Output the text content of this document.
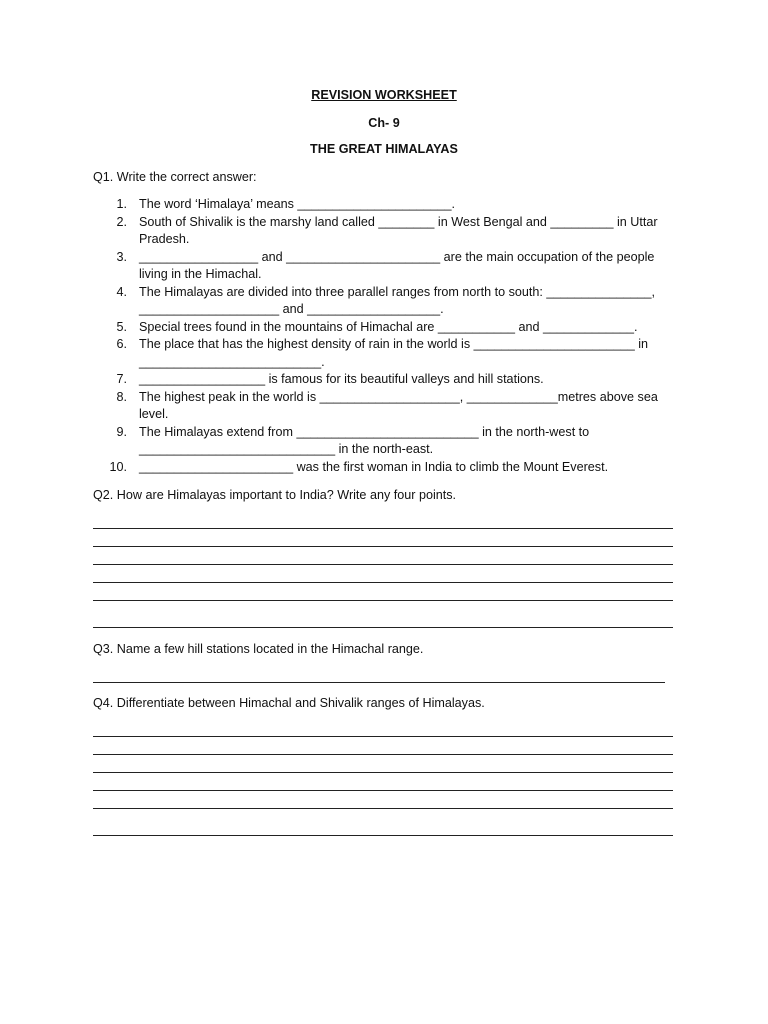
REVISION WORKSHEET
Ch- 9
THE GREAT HIMALAYAS
Q1. Write the correct answer:
1. The word ‘Himalaya’ means ______________________.
2. South of Shivalik is the marshy land called ________ in West Bengal and _________ in Uttar Pradesh.
3. _________________ and ______________________ are the main occupation of the people living in the Himachal.
4. The Himalayas are divided into three parallel ranges from north to south: _______________, ____________________ and ___________________.
5. Special trees found in the mountains of Himachal are ___________ and _____________.
6. The place that has the highest density of rain in the world is _______________________ in __________________________.
7. __________________ is famous for its beautiful valleys and hill stations.
8. The highest peak in the world is ____________________, _____________metres above sea level.
9. The Himalayas extend from __________________________ in the north-west to ____________________________ in the north-east.
10. ______________________ was the first woman in India to climb the Mount Everest.
Q2. How are Himalayas important to India? Write any four points.
Q3. Name a few hill stations located in the Himachal range.
Q4. Differentiate between Himachal and Shivalik ranges of Himalayas.
